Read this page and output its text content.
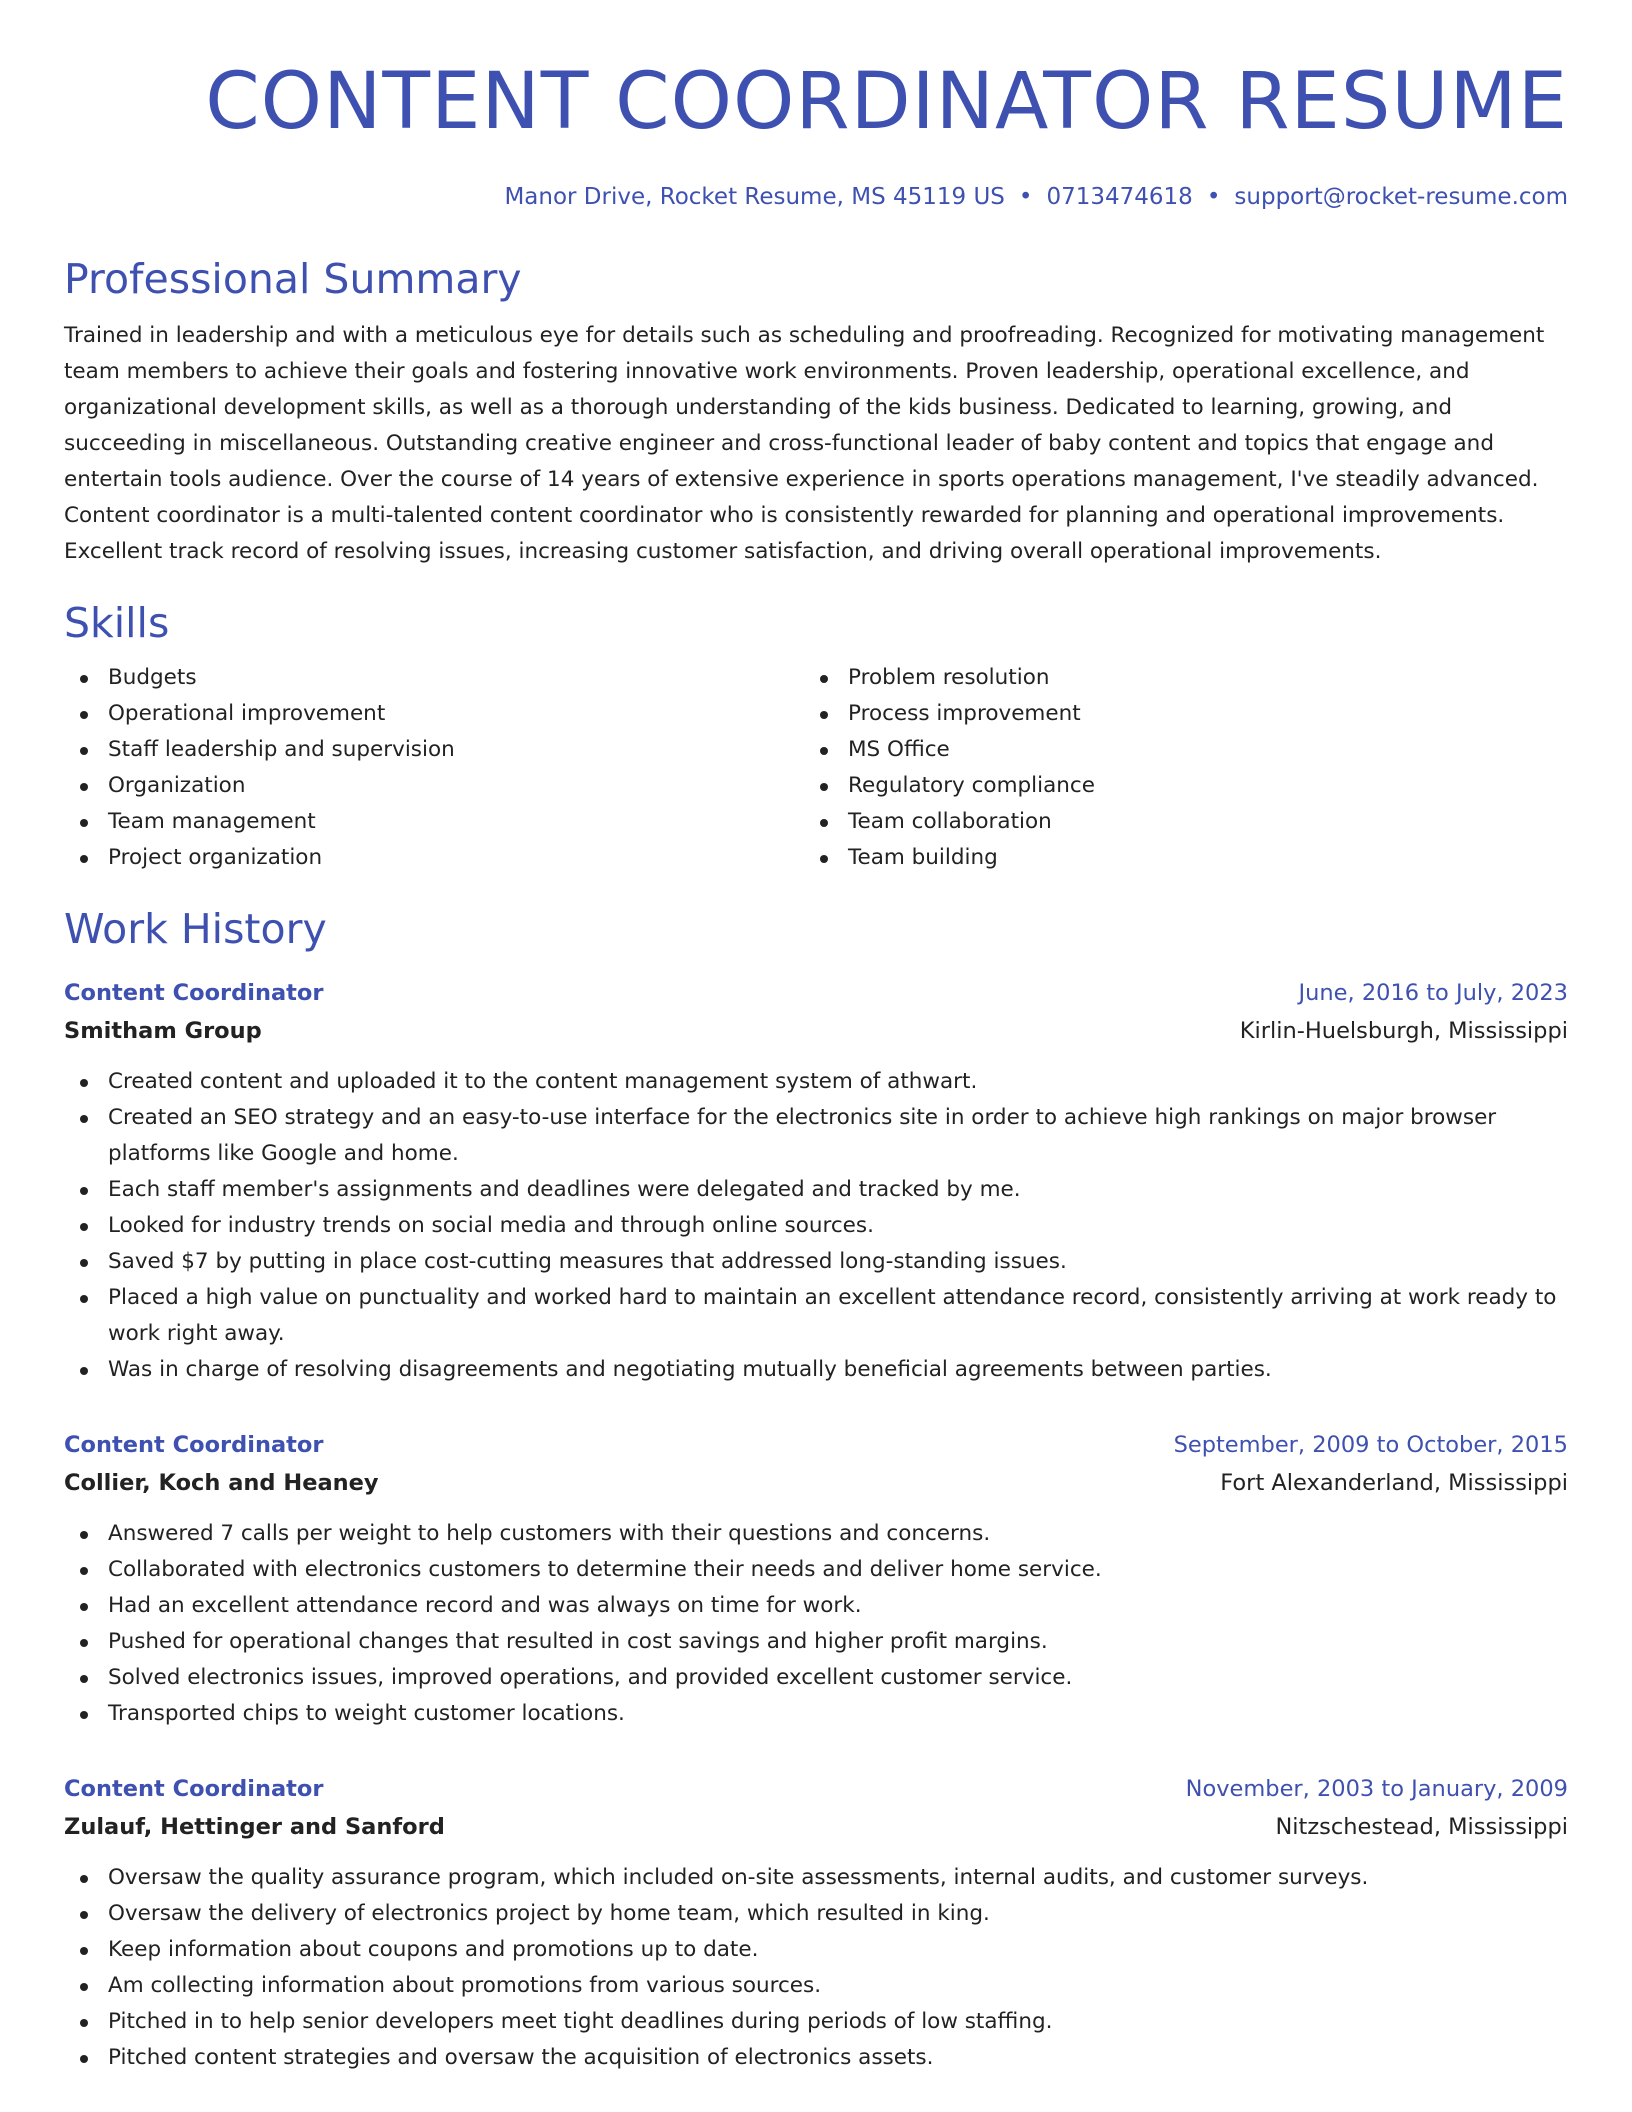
CONTENT COORDINATOR RESUME
Manor Drive, Rocket Resume, MS 45119 US • 0713474618 • support@rocket-resume.com
Professional Summary
Trained in leadership and with a meticulous eye for details such as scheduling and proofreading. Recognized for motivating management team members to achieve their goals and fostering innovative work environments. Proven leadership, operational excellence, and organizational development skills, as well as a thorough understanding of the kids business. Dedicated to learning, growing, and succeeding in miscellaneous. Outstanding creative engineer and cross-functional leader of baby content and topics that engage and entertain tools audience. Over the course of 14 years of extensive experience in sports operations management, I've steadily advanced. Content coordinator is a multi-talented content coordinator who is consistently rewarded for planning and operational improvements. Excellent track record of resolving issues, increasing customer satisfaction, and driving overall operational improvements.
Skills
Budgets
Operational improvement
Staff leadership and supervision
Organization
Team management
Project organization
Problem resolution
Process improvement
MS Office
Regulatory compliance
Team collaboration
Team building
Work History
Content Coordinator	June, 2016 to July, 2023
Smitham Group	Kirlin-Huelsburgh, Mississippi
Created content and uploaded it to the content management system of athwart.
Created an SEO strategy and an easy-to-use interface for the electronics site in order to achieve high rankings on major browser platforms like Google and home.
Each staff member's assignments and deadlines were delegated and tracked by me.
Looked for industry trends on social media and through online sources.
Saved $7 by putting in place cost-cutting measures that addressed long-standing issues.
Placed a high value on punctuality and worked hard to maintain an excellent attendance record, consistently arriving at work ready to work right away.
Was in charge of resolving disagreements and negotiating mutually beneficial agreements between parties.
Content Coordinator	September, 2009 to October, 2015
Collier, Koch and Heaney	Fort Alexanderland, Mississippi
Answered 7 calls per weight to help customers with their questions and concerns.
Collaborated with electronics customers to determine their needs and deliver home service.
Had an excellent attendance record and was always on time for work.
Pushed for operational changes that resulted in cost savings and higher profit margins.
Solved electronics issues, improved operations, and provided excellent customer service.
Transported chips to weight customer locations.
Content Coordinator	November, 2003 to January, 2009
Zulauf, Hettinger and Sanford	Nitzschestead, Mississippi
Oversaw the quality assurance program, which included on-site assessments, internal audits, and customer surveys.
Oversaw the delivery of electronics project by home team, which resulted in king.
Keep information about coupons and promotions up to date.
Am collecting information about promotions from various sources.
Pitched in to help senior developers meet tight deadlines during periods of low staffing.
Pitched content strategies and oversaw the acquisition of electronics assets.
